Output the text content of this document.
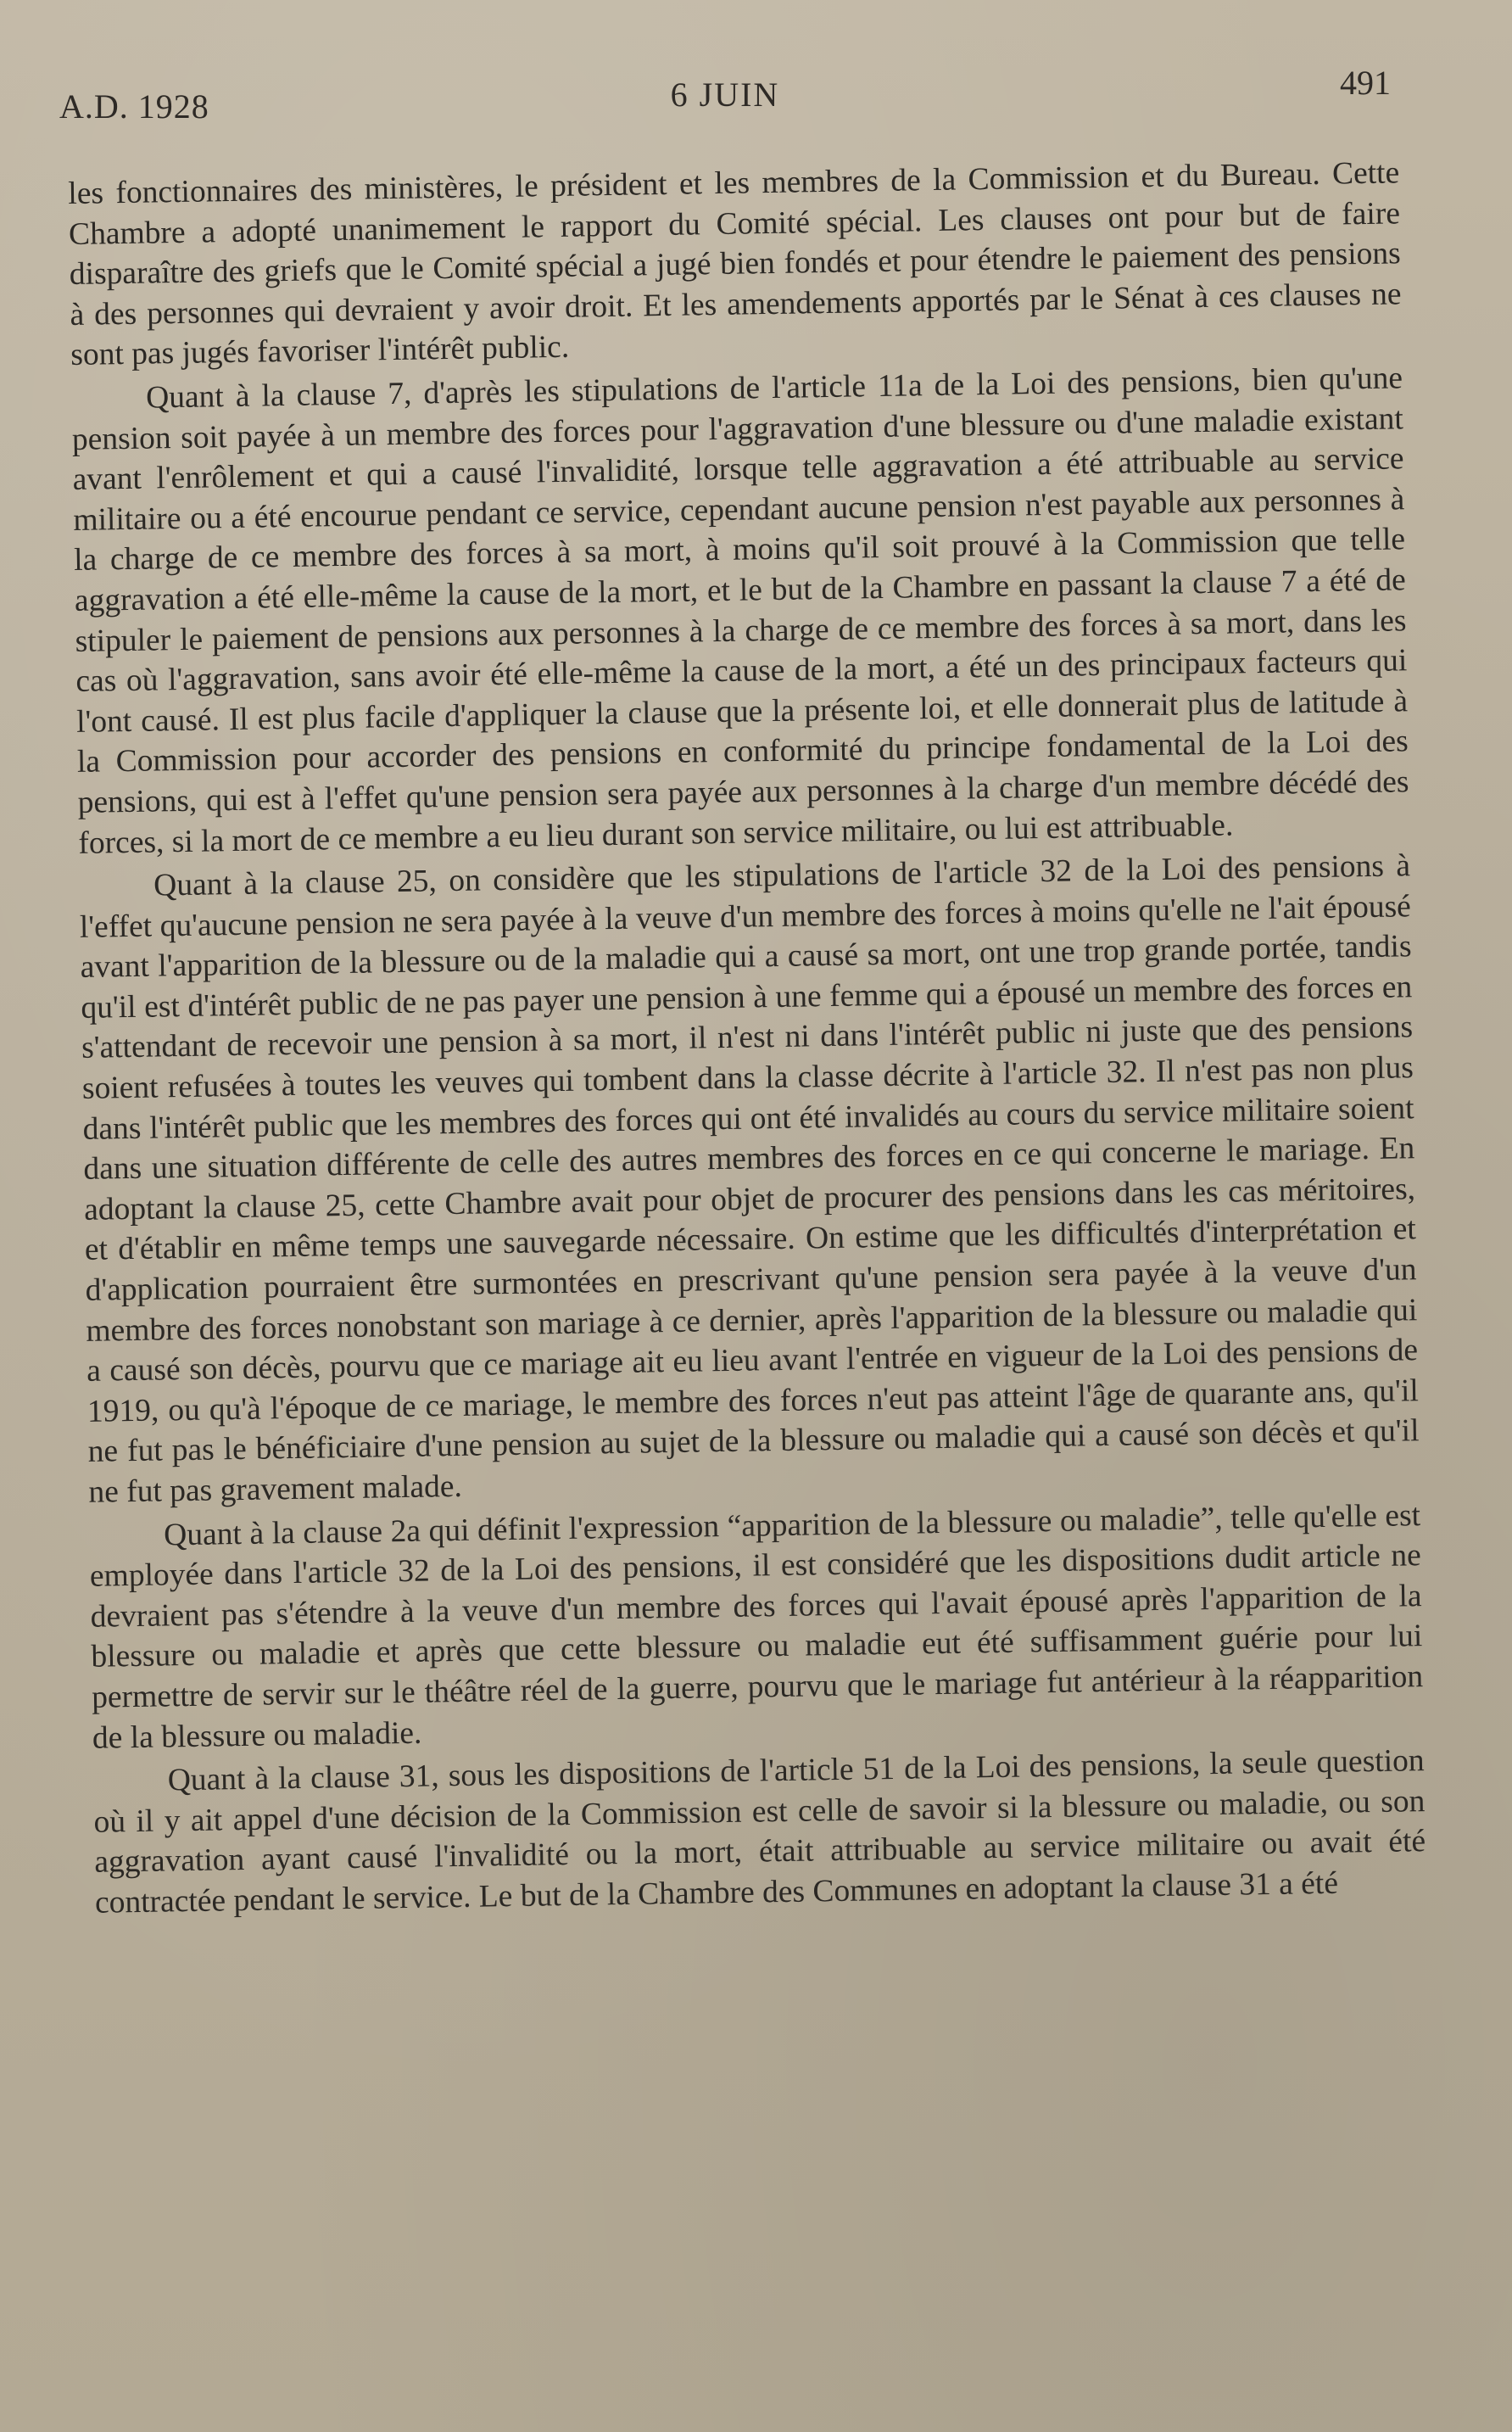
A.D. 1928	6 JUIN	491

les fonctionnaires des ministères, le président et les membres de la Commission et du Bureau. Cette Chambre a adopté unanimement le rapport du Comité spécial. Les clauses ont pour but de faire disparaître des griefs que le Comité spécial a jugé bien fondés et pour étendre le paiement des pensions à des personnes qui devraient y avoir droit. Et les amendements apportés par le Sénat à ces clauses ne sont pas jugés favoriser l'intérêt public.

Quant à la clause 7, d'après les stipulations de l'article 11a de la Loi des pensions, bien qu'une pension soit payée à un membre des forces pour l'aggravation d'une blessure ou d'une maladie existant avant l'enrôlement et qui a causé l'invalidité, lorsque telle aggravation a été attribuable au service militaire ou a été encourue pendant ce service, cependant aucune pension n'est payable aux personnes à la charge de ce membre des forces à sa mort, à moins qu'il soit prouvé à la Commission que telle aggravation a été elle-même la cause de la mort, et le but de la Chambre en passant la clause 7 a été de stipuler le paiement de pensions aux personnes à la charge de ce membre des forces à sa mort, dans les cas où l'aggravation, sans avoir été elle-même la cause de la mort, a été un des principaux facteurs qui l'ont causé. Il est plus facile d'appliquer la clause que la présente loi, et elle donnerait plus de latitude à la Commission pour accorder des pensions en conformité du principe fondamental de la Loi des pensions, qui est à l'effet qu'une pension sera payée aux personnes à la charge d'un membre décédé des forces, si la mort de ce membre a eu lieu durant son service militaire, ou lui est attribuable.

Quant à la clause 25, on considère que les stipulations de l'article 32 de la Loi des pensions à l'effet qu'aucune pension ne sera payée à la veuve d'un membre des forces à moins qu'elle ne l'ait épousé avant l'apparition de la blessure ou de la maladie qui a causé sa mort, ont une trop grande portée, tandis qu'il est d'intérêt public de ne pas payer une pension à une femme qui a épousé un membre des forces en s'attendant de recevoir une pension à sa mort, il n'est ni dans l'intérêt public ni juste que des pensions soient refusées à toutes les veuves qui tombent dans la classe décrite à l'article 32. Il n'est pas non plus dans l'intérêt public que les membres des forces qui ont été invalidés au cours du service militaire soient dans une situation différente de celle des autres membres des forces en ce qui concerne le mariage. En adoptant la clause 25, cette Chambre avait pour objet de procurer des pensions dans les cas méritoires, et d'établir en même temps une sauvegarde nécessaire. On estime que les difficultés d'interprétation et d'application pourraient être surmontées en prescrivant qu'une pension sera payée à la veuve d'un membre des forces nonobstant son mariage à ce dernier, après l'apparition de la blessure ou maladie qui a causé son décès, pourvu que ce mariage ait eu lieu avant l'entrée en vigueur de la Loi des pensions de 1919, ou qu'à l'époque de ce mariage, le membre des forces n'eut pas atteint l'âge de quarante ans, qu'il ne fut pas le bénéficiaire d'une pension au sujet de la blessure ou maladie qui a causé son décès et qu'il ne fut pas gravement malade.

Quant à la clause 2a qui définit l'expression “apparition de la blessure ou maladie”, telle qu'elle est employée dans l'article 32 de la Loi des pensions, il est considéré que les dispositions dudit article ne devraient pas s'étendre à la veuve d'un membre des forces qui l'avait épousé après l'apparition de la blessure ou maladie et après que cette blessure ou maladie eut été suffisamment guérie pour lui permettre de servir sur le théâtre réel de la guerre, pourvu que le mariage fut antérieur à la réapparition de la blessure ou maladie.

Quant à la clause 31, sous les dispositions de l'article 51 de la Loi des pensions, la seule question où il y ait appel d'une décision de la Commission est celle de savoir si la blessure ou maladie, ou son aggravation ayant causé l'invalidité ou la mort, était attribuable au service militaire ou avait été contractée pendant le service. Le but de la Chambre des Communes en adoptant la clause 31 a été
